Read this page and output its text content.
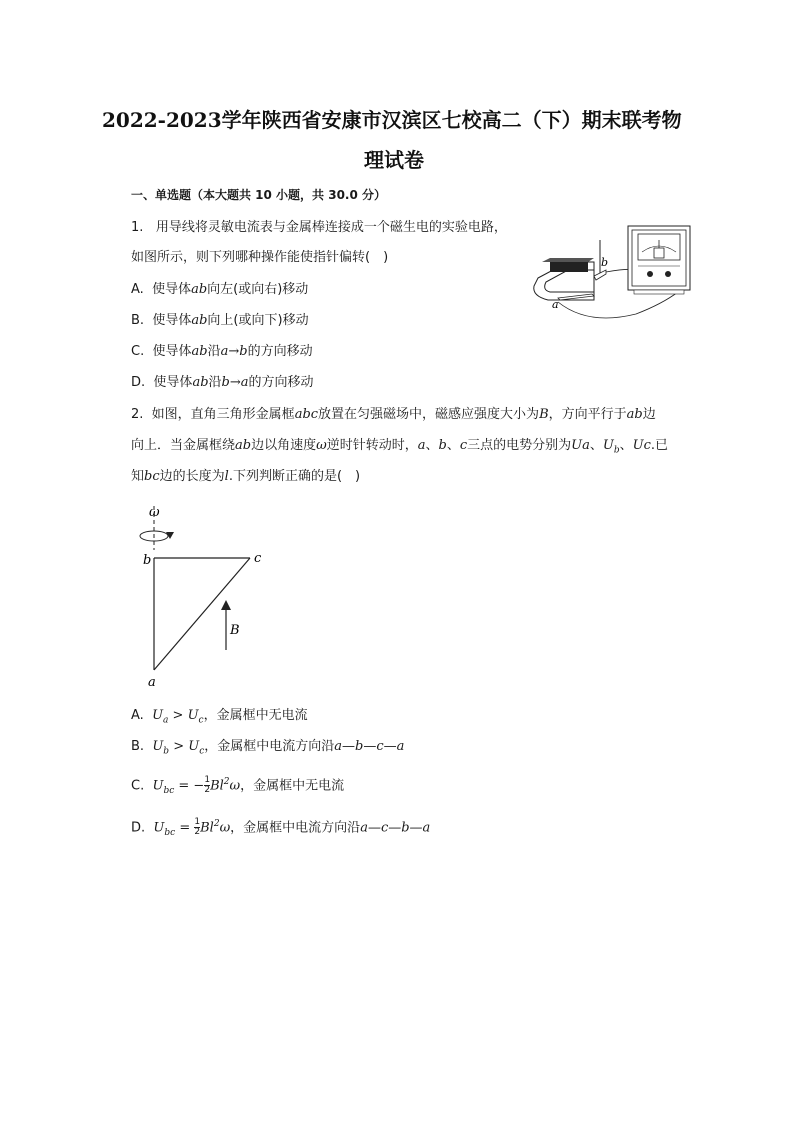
2022-2023学年陕西省安康市汉滨区七校高二（下）期末联考物
理试卷
一、单选题（本大题共 10 小题，共 30.0 分）
1. 用导线将灵敏电流表与金属棒连接成一个磁生电的实验电路，
如图所示，则下列哪种操作能使指针偏转(　)
A. 使导体ab向左(或向右)移动
B. 使导体ab向上(或向下)移动
C. 使导体ab沿a→b的方向移动
D. 使导体ab沿b→a的方向移动
b
a
2. 如图，直角三角形金属框abc放置在匀强磁场中，磁感应强度大小为B，方向平行于ab边
向上．当金属框绕ab边以角速度ω逆时针转动时，a、b、c三点的电势分别为Ua、$U_b$、Uc.已
知bc边的长度为l.下列判断正确的是(　)
ω
b	c
a
B
A. $U_a > U_c$，金属框中无电流
B. $U_b > U_c$，金属框中电流方向沿a—b—c—a
C. $U_{bc}$ = − $\frac{1}{2} Bl^2\omega$，金属框中无电流
D. $U_{bc} = \frac{1}{2} Bl^2\omega$，金属框中电流方向沿a—c—b—a
